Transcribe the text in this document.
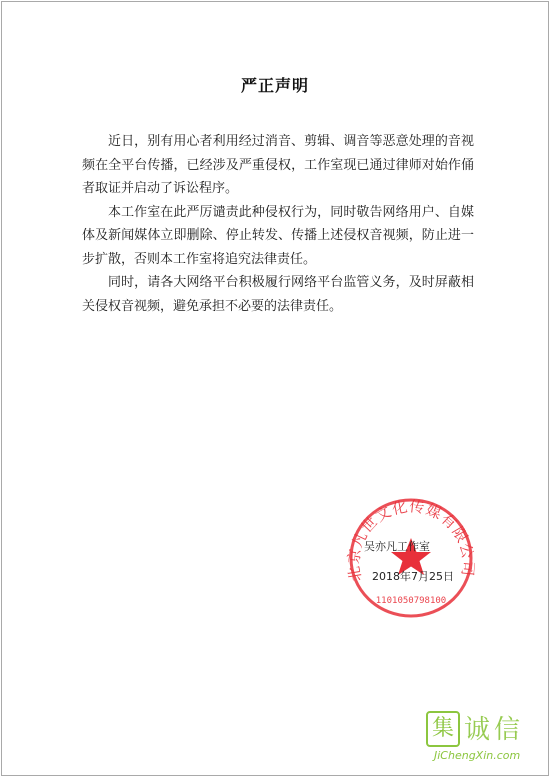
严正声明

近日，别有用心者利用经过消音、剪辑、调音等恶意处理的音视频在全平台传播，已经涉及严重侵权，工作室现已通过律师对始作俑者取证并启动了诉讼程序。

本工作室在此严厉谴责此种侵权行为，同时敬告网络用户、自媒体及新闻媒体立即删除、停止转发、传播上述侵权音视频，防止进一步扩散，否则本工作室将追究法律责任。

同时，请各大网络平台积极履行网络平台监管义务，及时屏蔽相关侵权音视频，避免承担不必要的法律责任。

北京凡世文化传媒有限公司
1101050798100
吴亦凡工作室
2018年7月25日
集 诚信
JiChengXin.com
